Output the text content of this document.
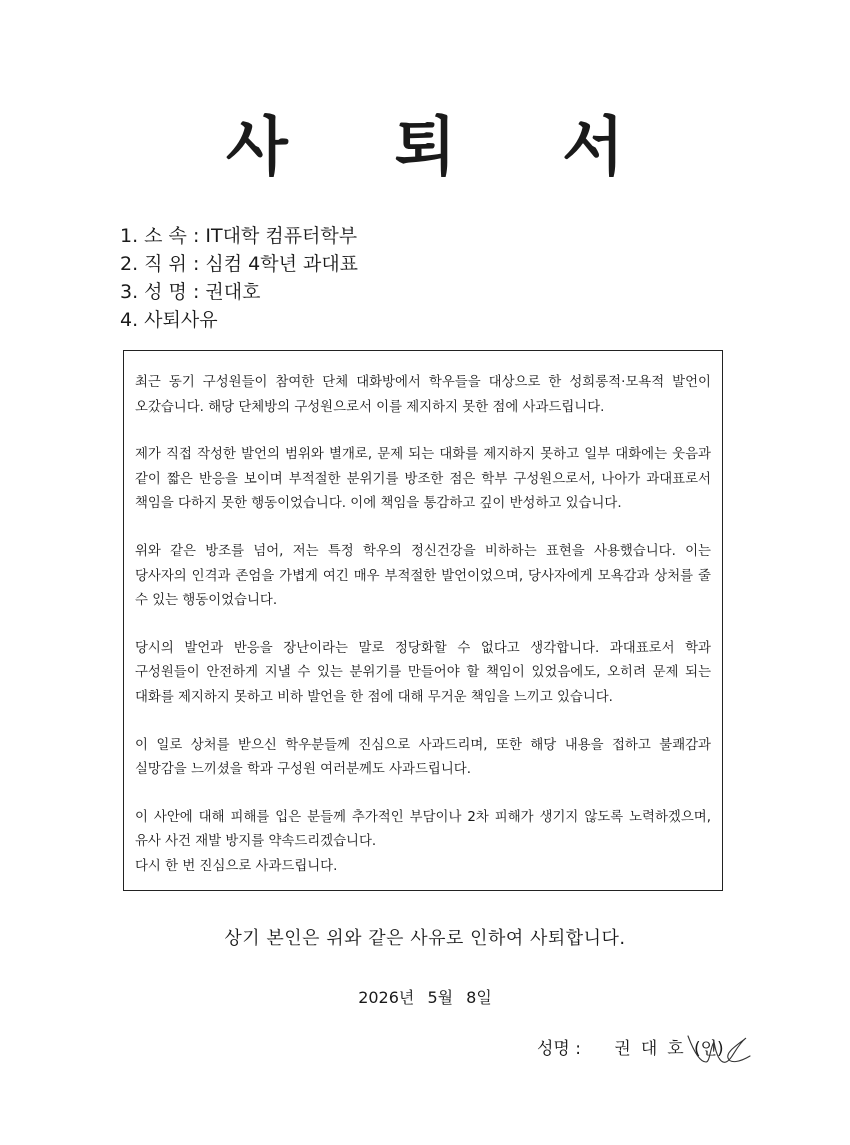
사 퇴 서
1. 소 속 : IT대학 컴퓨터학부
2. 직 위 : 심컴 4학년 과대표
3. 성 명 : 권대호
4. 사퇴사유

최근 동기 구성원들이 참여한 단체 대화방에서 학우들을 대상으로 한 성희롱적·모욕적 발언이 오갔습니다. 해당 단체방의 구성원으로서 이를 제지하지 못한 점에 사과드립니다.

제가 직접 작성한 발언의 범위와 별개로, 문제 되는 대화를 제지하지 못하고 일부 대화에는 웃음과 같이 짧은 반응을 보이며 부적절한 분위기를 방조한 점은 학부 구성원으로서, 나아가 과대표로서 책임을 다하지 못한 행동이었습니다. 이에 책임을 통감하고 깊이 반성하고 있습니다.

위와 같은 방조를 넘어, 저는 특정 학우의 정신건강을 비하하는 표현을 사용했습니다. 이는 당사자의 인격과 존엄을 가볍게 여긴 매우 부적절한 발언이었으며, 당사자에게 모욕감과 상처를 줄 수 있는 행동이었습니다.

당시의 발언과 반응을 장난이라는 말로 정당화할 수 없다고 생각합니다. 과대표로서 학과 구성원들이 안전하게 지낼 수 있는 분위기를 만들어야 할 책임이 있었음에도, 오히려 문제 되는 대화를 제지하지 못하고 비하 발언을 한 점에 대해 무거운 책임을 느끼고 있습니다.

이 일로 상처를 받으신 학우분들께 진심으로 사과드리며, 또한 해당 내용을 접하고 불쾌감과 실망감을 느끼셨을 학과 구성원 여러분께도 사과드립니다.

이 사안에 대해 피해를 입은 분들께 추가적인 부담이나 2차 피해가 생기지 않도록 노력하겠으며, 유사 사건 재발 방지를 약속드리겠습니다.

다시 한 번 진심으로 사과드립니다.

상기 본인은 위와 같은 사유로 인하여 사퇴합니다.
2026년 5월 8일
성명 : 권대호 (인)
